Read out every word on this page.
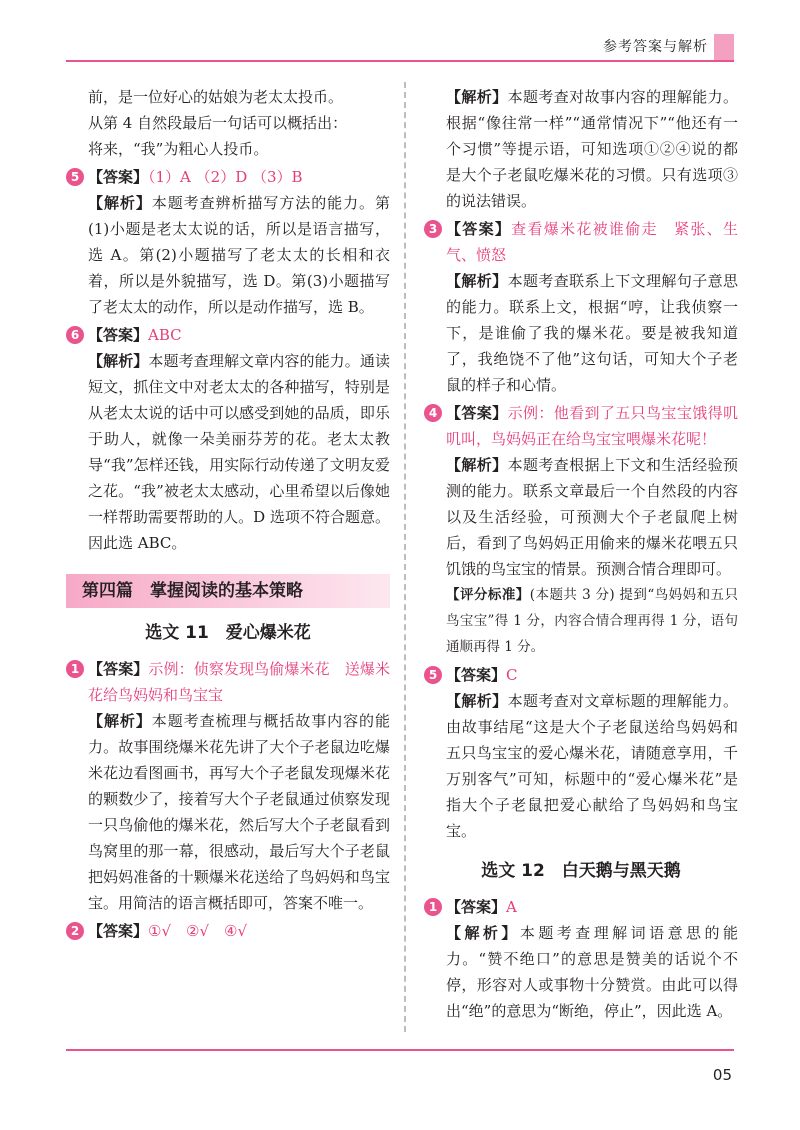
参考答案与解析

前，是一位好心的姑娘为老太太投币。

从第 4 自然段最后一句话可以概括出：

将来，“我”为粗心人投币。

5 【答案】（1）A （2）D （3）B

【解析】本题考查辨析描写方法的能力。第(1)小题是老太太说的话，所以是语言描写，选 A。第(2)小题描写了老太太的长相和衣着，所以是外貌描写，选 D。第(3)小题描写了老太太的动作，所以是动作描写，选 B。

6 【答案】ABC

【解析】本题考查理解文章内容的能力。通读短文，抓住文中对老太太的各种描写，特别是从老太太说的话中可以感受到她的品质，即乐于助人，就像一朵美丽芬芳的花。老太太教导“我”怎样还钱，用实际行动传递了文明友爱之花。“我”被老太太感动，心里希望以后像她一样帮助需要帮助的人。D 选项不符合题意。因此选 ABC。

第四篇　掌握阅读的基本策略
选文 11　爱心爆米花
1 【答案】示例：侦察发现鸟偷爆米花　送爆米花给鸟妈妈和鸟宝宝

【解析】本题考查梳理与概括故事内容的能力。故事围绕爆米花先讲了大个子老鼠边吃爆米花边看图画书，再写大个子老鼠发现爆米花的颗数少了，接着写大个子老鼠通过侦察发现一只鸟偷他的爆米花，然后写大个子老鼠看到鸟窝里的那一幕，很感动，最后写大个子老鼠把妈妈准备的十颗爆米花送给了鸟妈妈和鸟宝宝。用简洁的语言概括即可，答案不唯一。

2 【答案】①√　②√　④√

【解析】本题考查对故事内容的理解能力。根据“像往常一样”“通常情况下”“他还有一个习惯”等提示语，可知选项①②④说的都是大个子老鼠吃爆米花的习惯。只有选项③的说法错误。

3 【答案】查看爆米花被谁偷走　紧张、生气、愤怒

【解析】本题考查联系上下文理解句子意思的能力。联系上文，根据“哼，让我侦察一下，是谁偷了我的爆米花。要是被我知道了，我绝饶不了他”这句话，可知大个子老鼠的样子和心情。

4 【答案】示例：他看到了五只鸟宝宝饿得叽叽叫，鸟妈妈正在给鸟宝宝喂爆米花呢！

【解析】本题考查根据上下文和生活经验预测的能力。联系文章最后一个自然段的内容以及生活经验，可预测大个子老鼠爬上树后，看到了鸟妈妈正用偷来的爆米花喂五只饥饿的鸟宝宝的情景。预测合情合理即可。

【评分标准】(本题共 3 分) 提到“鸟妈妈和五只鸟宝宝”得 1 分，内容合情合理再得 1 分，语句通顺再得 1 分。

5 【答案】C

【解析】本题考查对文章标题的理解能力。由故事结尾“这是大个子老鼠送给鸟妈妈和五只鸟宝宝的爱心爆米花，请随意享用，千万别客气”可知，标题中的“爱心爆米花”是指大个子老鼠把爱心献给了鸟妈妈和鸟宝宝。

选文 12　白天鹅与黑天鹅
1 【答案】A

【解析】本题考查理解词语意思的能力。“赞不绝口”的意思是赞美的话说个不停，形容对人或事物十分赞赏。由此可以得出“绝”的意思为“断绝，停止”，因此选 A。

05
